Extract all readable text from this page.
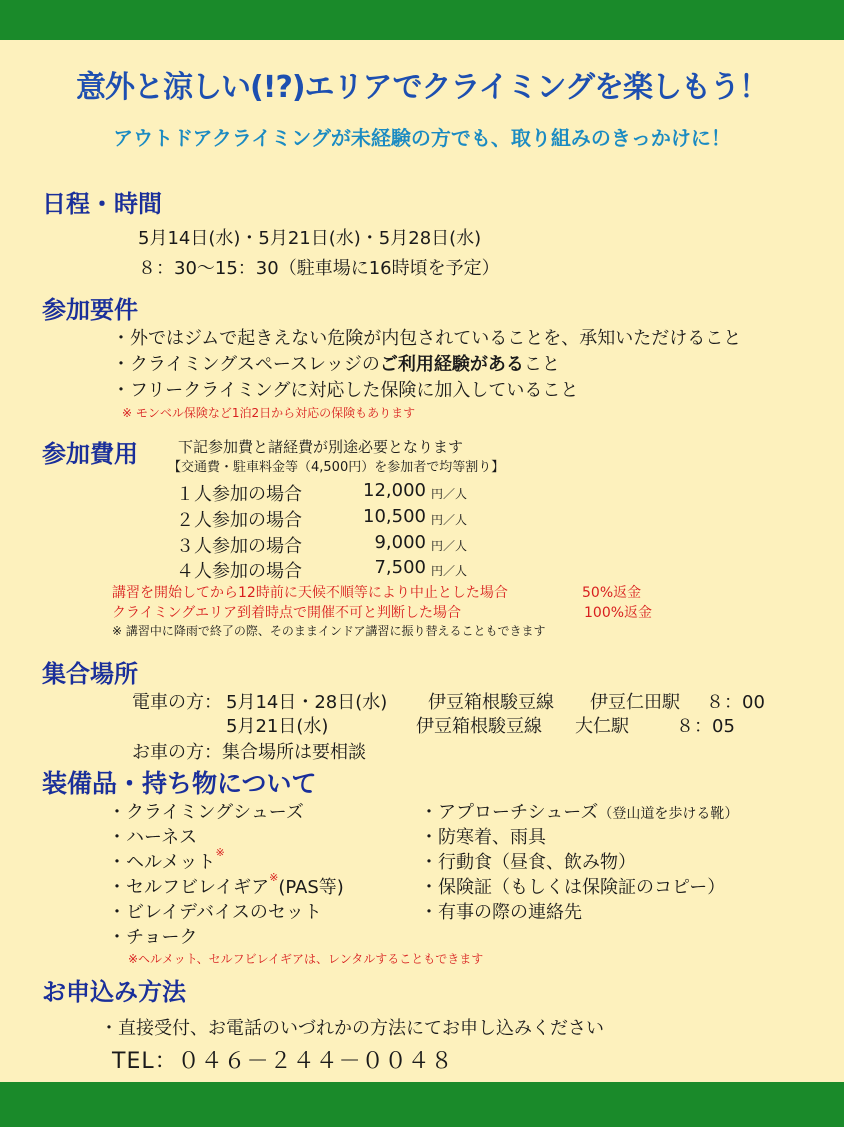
意外と涼しい(!?)エリアでクライミングを楽しもう！
アウトドアクライミングが未経験の方でも、取り組みのきっかけに！
日程・時間
5月14日(水)・5月21日(水)・5月28日(水)
８：30〜15：30（駐車場に16時頃を予定）
参加要件
・外ではジムで起きえない危険が内包されていることを、承知いただけること
・クライミングスペースレッジのご利用経験があること
・フリークライミングに対応した保険に加入していること
※ モンベル保険など1泊2日から対応の保険もあります
参加費用	下記参加費と諸経費が別途必要となります
【交通費・駐車料金等（4,500円）を参加者で均等割り】
１人参加の場合	12,000 円／人
２人参加の場合	10,500 円／人
３人参加の場合	9,000 円／人
４人参加の場合	7,500 円／人
講習を開始してから12時前に天候不順等により中止とした場合	50%返金
クライミングエリア到着時点で開催不可と判断した場合	100%返金
※ 講習中に降雨で終了の際、そのままインドア講習に振り替えることもできます
集合場所
電車の方： 5月14日・28日(水) 伊豆箱根駿豆線 伊豆仁田駅 ８：00
5月21日(水)	伊豆箱根駿豆線 大仁駅	８：05
お車の方：集合場所は要相談
装備品・持ち物について
・クライミングシューズ
・ハーネス
・ヘルメット※
・セルフビレイギア※(PAS等)
・ビレイデバイスのセット
・チョーク
・アプローチシューズ（登山道を歩ける靴）
・防寒着、雨具
・行動食（昼食、飲み物）
・保険証（もしくは保険証のコピー）
・有事の際の連絡先
※ヘルメット、セルフビレイギアは、レンタルすることもできます
お申込み方法
・直接受付、お電話のいづれかの方法にてお申し込みください
TEL：０４６－２４４－００４８
